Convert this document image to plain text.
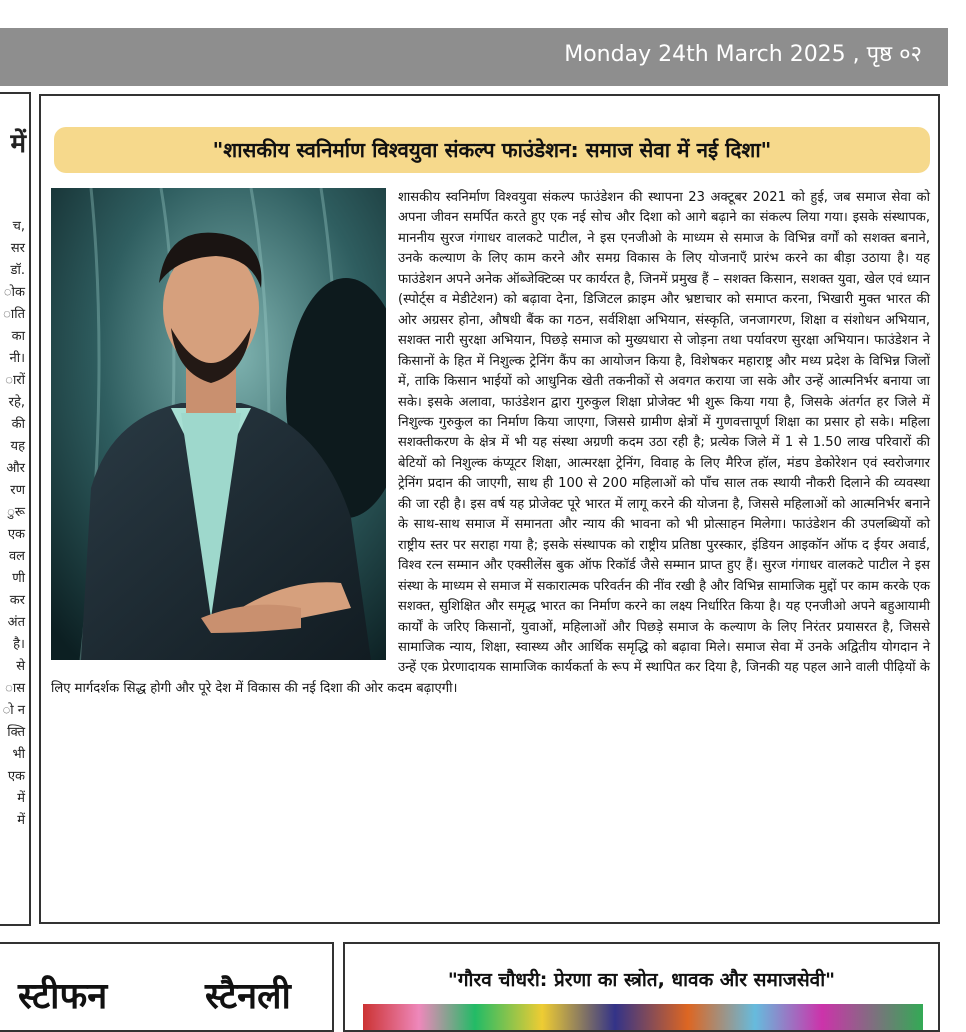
Monday 24th March 2025 , पृष्ठ ०२
में
च,
सर
डॉ.
ोक
ाति
का
नी।
ारों
रहे,
की
यह
और
रण
ुरू
एक
वल
णी
कर
अंत
है।
से
ास
ो न
क्ति
भी
एक
में
में
"शासकीय स्वनिर्माण विश्वयुवा संकल्प फाउंडेशन: समाज सेवा में नई दिशा"
शासकीय स्वनिर्माण विश्वयुवा संकल्प फाउंडेशन की स्थापना 23 अक्टूबर 2021 को हुई, जब समाज सेवा को अपना जीवन समर्पित करते हुए एक नई सोच और दिशा को आगे बढ़ाने का संकल्प लिया गया। इसके संस्थापक, माननीय सुरज गंगाधर वालकटे पाटील, ने इस एनजीओ के माध्यम से समाज के विभिन्न वर्गों को सशक्त बनाने, उनके कल्याण के लिए काम करने और समग्र विकास के लिए योजनाएँ प्रारंभ करने का बीड़ा उठाया है। यह फाउंडेशन अपने अनेक ऑब्जेक्टिव्स पर कार्यरत है, जिनमें प्रमुख हैं – सशक्त किसान, सशक्त युवा, खेल एवं ध्यान (स्पोर्ट्स व मेडीटेशन) को बढ़ावा देना, डिजिटल क्राइम और भ्रष्टाचार को समाप्त करना, भिखारी मुक्त भारत की ओर अग्रसर होना, औषधी बैंक का गठन, सर्वशिक्षा अभियान, संस्कृति, जनजागरण, शिक्षा व संशोधन अभियान, सशक्त नारी सुरक्षा अभियान, पिछड़े समाज को मुख्यधारा से जोड़ना तथा पर्यावरण सुरक्षा अभियान। फाउंडेशन ने किसानों के हित में निशुल्क ट्रेनिंग कैंप का आयोजन किया है, विशेषकर महाराष्ट्र और मध्य प्रदेश के विभिन्न जिलों में, ताकि किसान भाईयों को आधुनिक खेती तकनीकों से अवगत कराया जा सके और उन्हें आत्मनिर्भर बनाया जा सके। इसके अलावा, फाउंडेशन द्वारा गुरुकुल शिक्षा प्रोजेक्ट भी शुरू किया गया है, जिसके अंतर्गत हर जिले में निशुल्क गुरुकुल का निर्माण किया जाएगा, जिससे ग्रामीण क्षेत्रों में गुणवत्तापूर्ण शिक्षा का प्रसार हो सके। महिला सशक्तीकरण के क्षेत्र में भी यह संस्था अग्रणी कदम उठा रही है; प्रत्येक जिले में 1 से 1.50 लाख परिवारों की बेटियों को निशुल्क कंप्यूटर शिक्षा, आत्मरक्षा ट्रेनिंग, विवाह के लिए मैरिज हॉल, मंडप डेकोरेशन एवं स्वरोजगार ट्रेनिंग प्रदान की जाएगी, साथ ही 100 से 200 महिलाओं को पाँच साल तक स्थायी नौकरी दिलाने की व्यवस्था की जा रही है। इस वर्ष यह प्रोजेक्ट पूरे भारत में लागू करने की योजना है, जिससे महिलाओं को आत्मनिर्भर बनाने के साथ-साथ समाज में समानता और न्याय की भावना को भी प्रोत्साहन मिलेगा। फाउंडेशन की उपलब्धियों को राष्ट्रीय स्तर पर सराहा गया है; इसके संस्थापक को राष्ट्रीय प्रतिष्ठा पुरस्कार, इंडियन आइकॉन ऑफ द ईयर अवार्ड, विश्व रत्न सम्मान और एक्सीलेंस बुक ऑफ रिकॉर्ड जैसे सम्मान प्राप्त हुए हैं। सुरज गंगाधर वालकटे पाटील ने इस संस्था के माध्यम से समाज में सकारात्मक परिवर्तन की नींव रखी है और विभिन्न सामाजिक मुद्दों पर काम करके एक सशक्त, सुशिक्षित और समृद्ध भारत का निर्माण करने का लक्ष्य निर्धारित किया है। यह एनजीओ अपने बहुआयामी कार्यों के जरिए किसानों, युवाओं, महिलाओं और पिछड़े समाज के कल्याण के लिए निरंतर प्रयासरत है, जिससे सामाजिक न्याय, शिक्षा, स्वास्थ्य और आर्थिक समृद्धि को बढ़ावा मिले। समाज सेवा में उनके अद्वितीय योगदान ने उन्हें एक प्रेरणादायक सामाजिक कार्यकर्ता के रूप में स्थापित कर दिया है, जिनकी यह पहल आने वाली पीढ़ियों के लिए मार्गदर्शक सिद्ध होगी और पूरे देश में विकास की नई दिशा की ओर कदम बढ़ाएगी।
स्टीफन	स्टैनली	"गौरव चौधरी: प्रेरणा का स्त्रोत, धावक और समाजसेवी"
